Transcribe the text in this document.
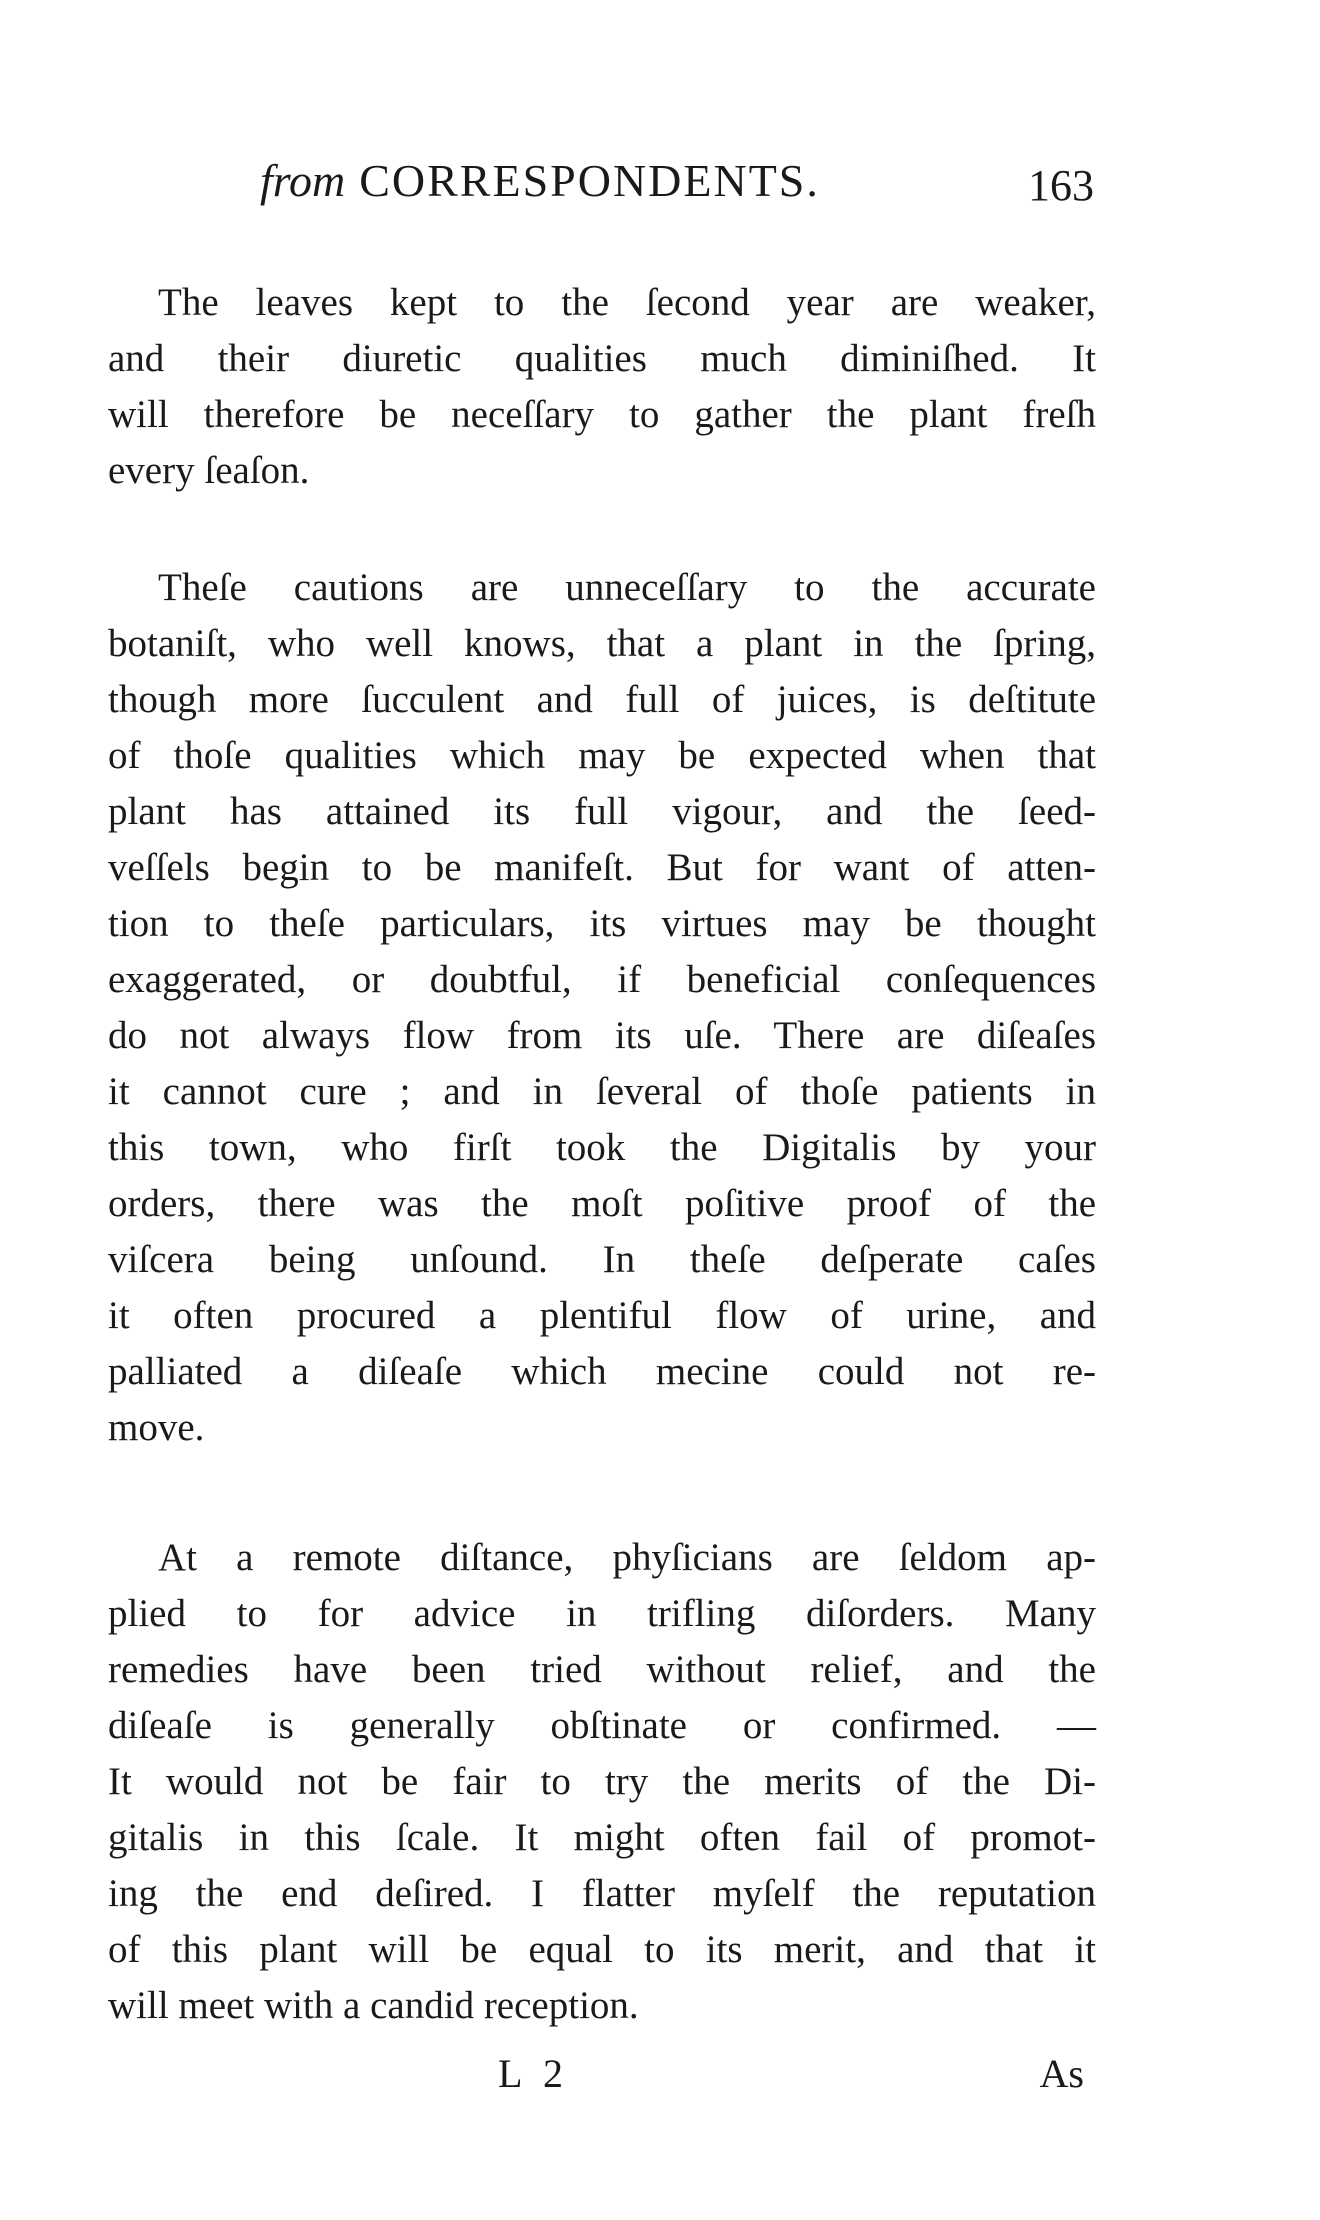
from CORRESPONDENTS.	163
The leaves kept to the ſecond year are weaker,
and their diuretic qualities much diminiſhed. It
will therefore be neceſſary to gather the plant freſh
every ſeaſon.
Theſe cautions are unneceſſary to the accurate
botaniſt, who well knows, that a plant in the ſpring,
though more ſucculent and full of juices, is deſtitute
of thoſe qualities which may be expected when that
plant has attained its full vigour, and the ſeed-
veſſels begin to be manifeſt. But for want of atten-
tion to theſe particulars, its virtues may be thought
exaggerated, or doubtful, if beneficial conſequences
do not always flow from its uſe. There are diſeaſes
it cannot cure ; and in ſeveral of thoſe patients in
this town, who firſt took the Digitalis by your
orders, there was the moſt poſitive proof of the
viſcera being unſound. In theſe deſperate caſes
it often procured a plentiful flow of urine, and
palliated a diſeaſe which mecine could not re-
move.
At a remote diſtance, phyſicians are ſeldom ap-
plied to for advice in trifling diſorders. Many
remedies have been tried without relief, and the
diſeaſe is generally obſtinate or confirmed. —
It would not be fair to try the merits of the Di-
gitalis in this ſcale. It might often fail of promot-
ing the end deſired. I flatter myſelf the reputation
of this plant will be equal to its merit, and that it
will meet with a candid reception.
L 2	As
